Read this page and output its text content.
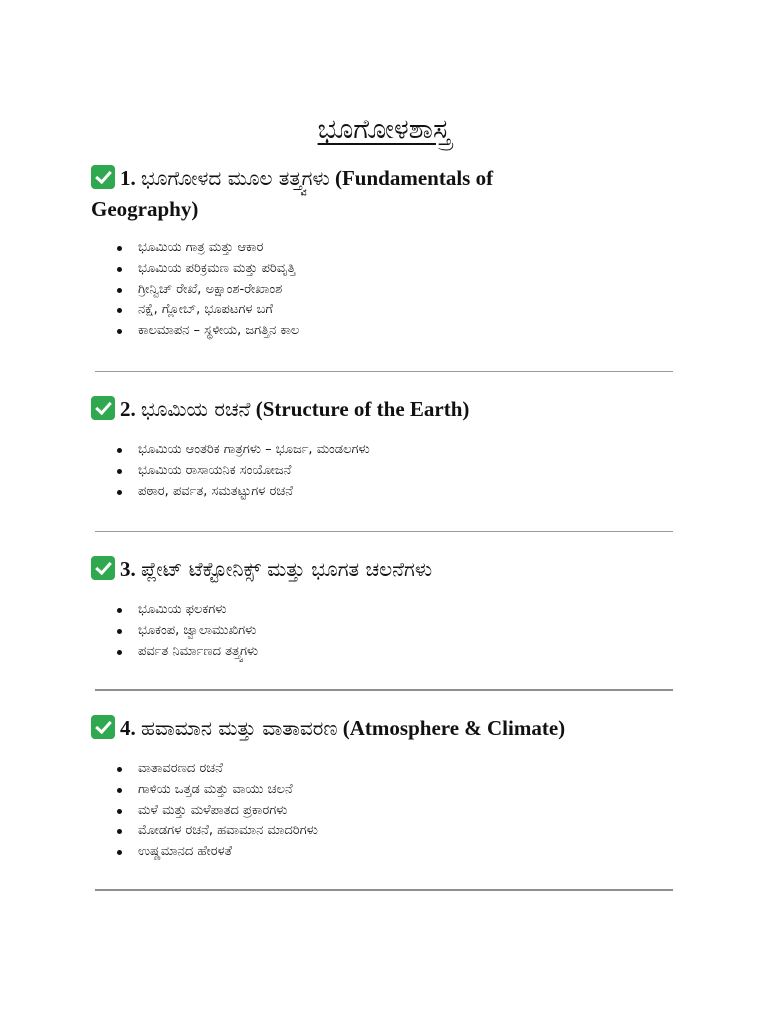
ಭೂಗೋಳಶಾಸ್ತ್ರ
1. ಭೂಗೋಳದ ಮೂಲ ತತ್ತ್ವಗಳು (Fundamentals of
Geography)
ಭೂಮಿಯ ಗಾತ್ರ ಮತ್ತು ಆಕಾರ
ಭೂಮಿಯ ಪರಿಕ್ರಮಣ ಮತ್ತು ಪರಿವೃತ್ತಿ
ಗ್ರೀನ್ವಿಚ್ ರೇಖೆ, ಅಕ್ಷಾಂಶ-ರೇಖಾಂಶ
ನಕ್ಷೆ, ಗ್ಲೋಬ್, ಭೂಪಟಗಳ ಬಗೆ
ಕಾಲಮಾಪನ – ಸ್ಥಳೀಯ, ಜಗತ್ತಿನ ಕಾಲ
2. ಭೂಮಿಯ ರಚನೆ (Structure of the Earth)
ಭೂಮಿಯ ಆಂತರಿಕ ಗಾತ್ರಗಳು – ಭೂರ್ಜ, ಮಂಡಲಗಳು
ಭೂಮಿಯ ರಾಸಾಯನಿಕ ಸಂಯೋಜನೆ
ಪಠಾರ, ಪರ್ವತ, ಸಮತಟ್ಟುಗಳ ರಚನೆ
3. ಪ್ಲೇಟ್ ಟೆಕ್ಟೋನಿಕ್ಸ್ ಮತ್ತು ಭೂಗತ ಚಲನೆಗಳು
ಭೂಮಿಯ ಫಲಕಗಳು
ಭೂಕಂಪ, ಜ್ವಾಲಾಮುಖಿಗಳು
ಪರ್ವತ ನಿರ್ಮಾಣದ ತತ್ತ್ವಗಳು
4. ಹವಾಮಾನ ಮತ್ತು ವಾತಾವರಣ (Atmosphere & Climate)
ವಾತಾವರಣದ ರಚನೆ
ಗಾಳಿಯ ಒತ್ತಡ ಮತ್ತು ವಾಯು ಚಲನೆ
ಮಳೆ ಮತ್ತು ಮಳೆಪಾತದ ಪ್ರಕಾರಗಳು
ಮೋಡಗಳ ರಚನೆ, ಹವಾಮಾನ ಮಾದರಿಗಳು
ಉಷ್ಣಮಾನದ ಹೇರಳತೆ
